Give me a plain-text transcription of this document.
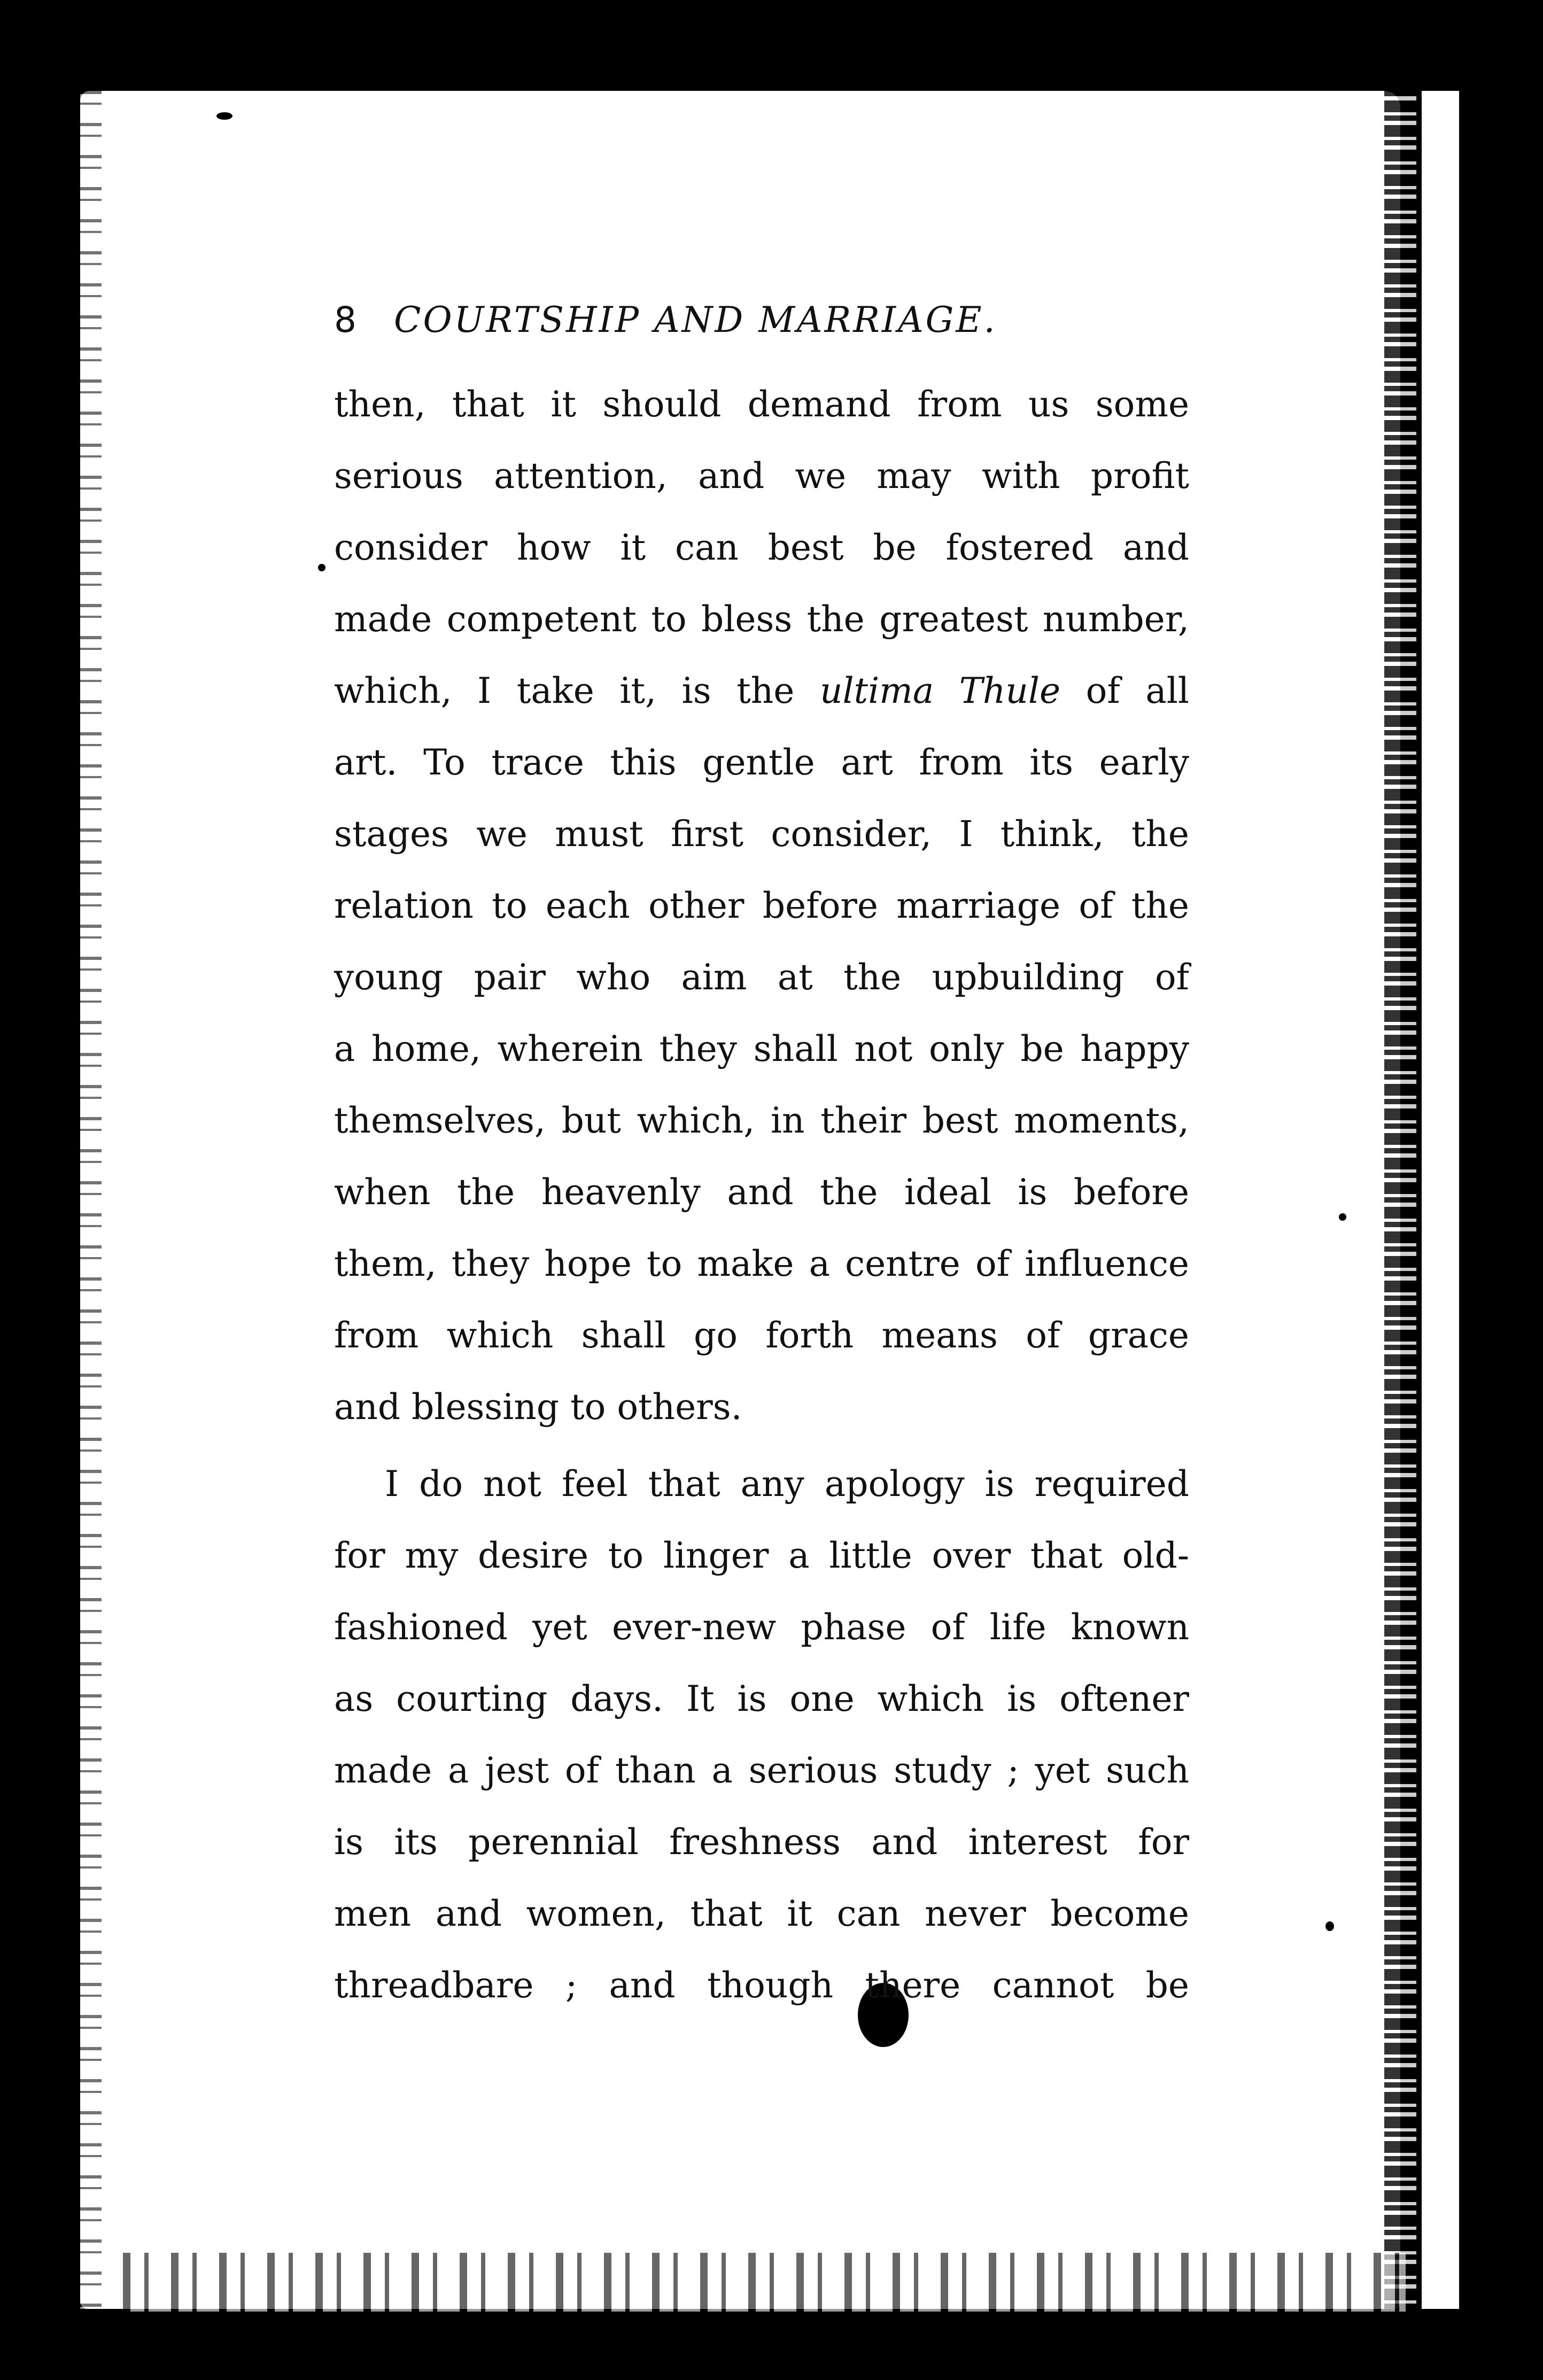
8 COURTSHIP AND MARRIAGE.
then, that it should demand from us some
serious attention, and we may with profit
consider how it can best be fostered and
made competent to bless the greatest number,
which, I take it, is the ultima Thule of all
art. To trace this gentle art from its early
stages we must first consider, I think, the
relation to each other before marriage of the
young pair who aim at the upbuilding of
a home, wherein they shall not only be happy
themselves, but which, in their best moments,
when the heavenly and the ideal is before
them, they hope to make a centre of influence
from which shall go forth means of grace
and blessing to others.
I do not feel that any apology is required
for my desire to linger a little over that old-
fashioned yet ever-new phase of life known
as courting days. It is one which is oftener
made a jest of than a serious study ; yet such
is its perennial freshness and interest for
men and women, that it can never become
threadbare ; and though there cannot be
